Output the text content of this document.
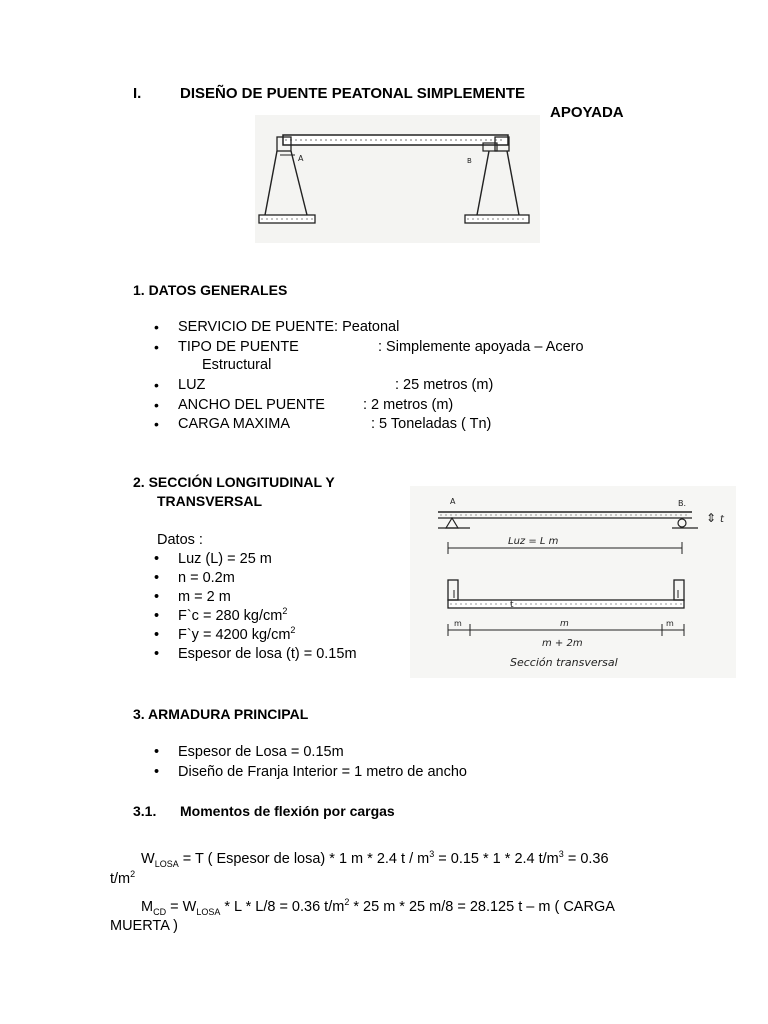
I.	DISEÑO DE PUENTE PEATONAL SIMPLEMENTE
APOYADA
A	B
1. DATOS GENERALES
• SERVICIO DE PUENTE: Peatonal
• TIPO DE PUENTE	: Simplemente apoyada – Acero
Estructural
• LUZ	: 25 metros (m)
• ANCHO DEL PUENTE	: 2 metros (m)
• CARGA MAXIMA	: 5 Toneladas ( Tn)
2. SECCIÓN LONGITUDINAL Y
TRANSVERSAL
Datos :
• Luz (L) = 25 m
• n = 0.2m
• m = 2 m
• F`c = 280 $kg/cm^2$
• F`y = 4200 $kg/cm^2$
• Espesor de losa (t) = 0.15m
A	B.
⇕ t
Luz = L m
t
m	m	m
m + 2m
Sección transversal
3. ARMADURA PRINCIPAL
• Espesor de Losa = 0.15m
• Diseño de Franja Interior = 1 metro de ancho
3.1. Momentos de flexión por cargas
$W_{LOSA} = T$ ( Espesor de losa) * 1 m * 2.4 $t / m^3 = 0.15 * 1 * 2.4$ $t/m^3 = 0.36$
$t/m^2$
$M_{CD} = W_{LOSA} * L * L/8 = 0.36$ $t/m^2 * 25$ m * 25 m/8 = 28.125 t – m ( CARGA
MUERTA )
